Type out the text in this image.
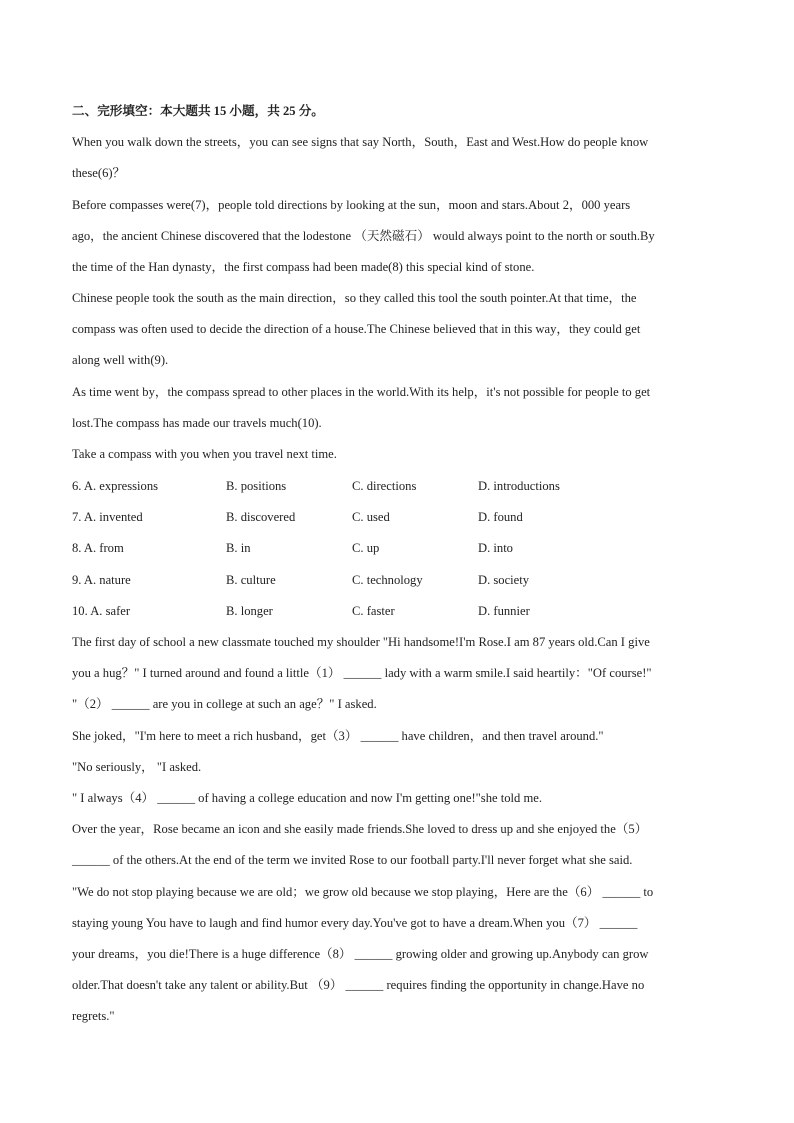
二、完形填空：本大题共 15 小题，共 25 分。
When you walk down the streets，you can see signs that say North，South，East and West.How do people know
these(6)？
Before compasses were(7)，people told directions by looking at the sun，moon and stars.About 2，000 years
ago，the ancient Chinese discovered that the lodestone （天然磁石） would always point to the north or south.By
the time of the Han dynasty，the first compass had been made(8) this special kind of stone.
Chinese people took the south as the main direction，so they called this tool the south pointer.At that time，the
compass was often used to decide the direction of a house.The Chinese believed that in this way，they could get
along well with(9).
As time went by，the compass spread to other places in the world.With its help，it's not possible for people to get
lost.The compass has made our travels much(10).
Take a compass with you when you travel next time.
6. A. expressions	B. positions	C. directions	D. introductions
7. A. invented	B. discovered	C. used	D. found
8. A. from	B. in	C. up	D. into
9. A. nature	B. culture	C. technology	D. society
10. A. safer	B. longer	C. faster	D. funnier
The first day of school a new classmate touched my shoulder "Hi handsome!I'm Rose.I am 87 years old.Can I give
you a hug？" I turned around and found a little（1） ______ lady with a warm smile.I said heartily："Of course!"
"（2） ______ are you in college at such an age？" I asked.
She joked，"I'm here to meet a rich husband，get（3） ______ have children，and then travel around."
"No seriously， "I asked.
" I always（4） ______ of having a college education and now I'm getting one!"she told me.
Over the year，Rose became an icon and she easily made friends.She loved to dress up and she enjoyed the（5）
______ of the others.At the end of the term we invited Rose to our football party.I'll never forget what she said.
"We do not stop playing because we are old；we grow old because we stop playing，Here are the（6） ______ to
staying young You have to laugh and find humor every day.You've got to have a dream.When you（7） ______
your dreams，you die!There is a huge difference（8） ______ growing older and growing up.Anybody can grow
older.That doesn't take any talent or ability.But （9） ______ requires finding the opportunity in change.Have no
regrets."
